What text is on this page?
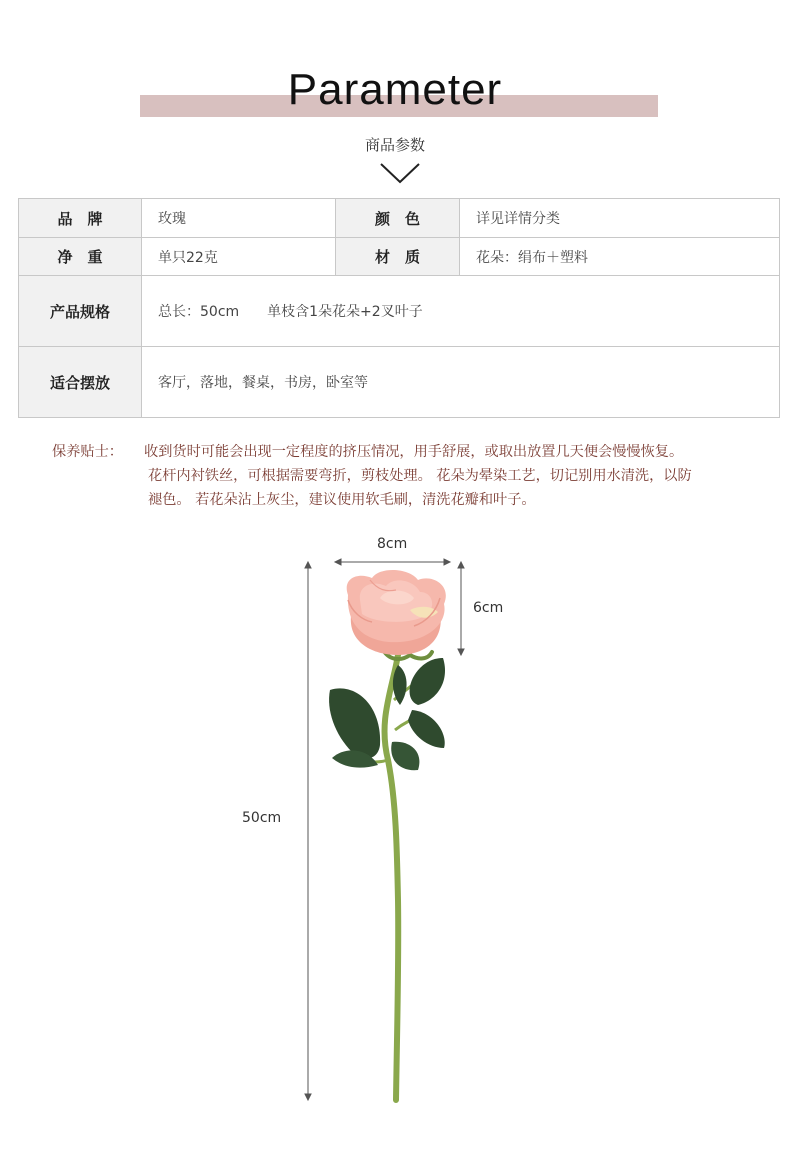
Parameter
商品参数
品　牌	玫瑰	颜　色	详见详情分类
净　重	单只22克	材　质	花朵：绢布＋塑料
产品规格	总长：50cm　　单枝含1朵花朵+2叉叶子		
适合摆放	客厅，落地，餐桌，书房，卧室等		
保养贴士： 收到货时可能会出现一定程度的挤压情况，用手舒展，或取出放置几天便会慢慢恢复。
花杆内衬铁丝，可根据需要弯折，剪枝处理。 花朵为晕染工艺，切记别用水清洗，以防
褪色。 若花朵沾上灰尘，建议使用软毛刷，清洗花瓣和叶子。
8cm
6cm
50cm
